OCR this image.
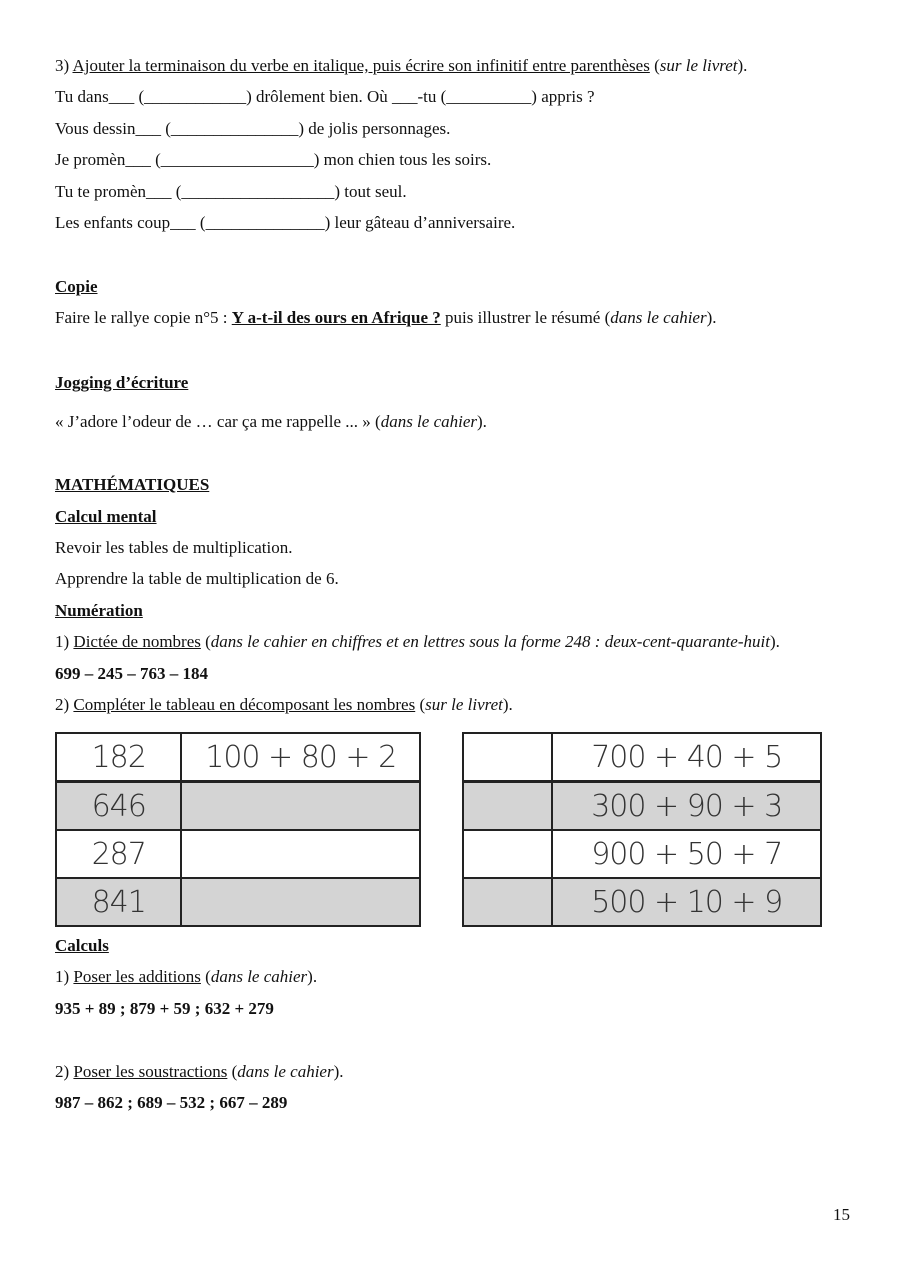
3) Ajouter la terminaison du verbe en italique, puis écrire son infinitif entre parenthèses (sur le livret).
Tu dans___ (____________) drôlement bien. Où ___-tu (__________) appris ?
Vous dessin___ (_______________) de jolis personnages.
Je promèn___ (__________________) mon chien tous les soirs.
Tu te promèn___ (__________________) tout seul.
Les enfants coup___ (______________) leur gâteau d’anniversaire.
Copie
Faire le rallye copie n°5 : Y a-t-il des ours en Afrique ? puis illustrer le résumé (dans le cahier).
Jogging d’écriture
« J’adore l’odeur de … car ça me rappelle ... » (dans le cahier).
MATHÉMATIQUES
Calcul mental
Revoir les tables de multiplication.
Apprendre la table de multiplication de 6.
Numération
1) Dictée de nombres (dans le cahier en chiffres et en lettres sous la forme 248 : deux-cent-quarante-huit).
699 – 245 – 763 – 184
2) Compléter le tableau en décomposant les nombres (sur le livret).
182	100 + 80 + 2
646	
287	
841	
	700 + 40 + 5
	300 + 90 + 3
	900 + 50 + 7
	500 + 10 + 9
Calculs
1) Poser les additions (dans le cahier).
935 + 89 ; 879 + 59 ; 632 + 279
2) Poser les soustractions (dans le cahier).
987 – 862 ; 689 – 532 ; 667 – 289
15
